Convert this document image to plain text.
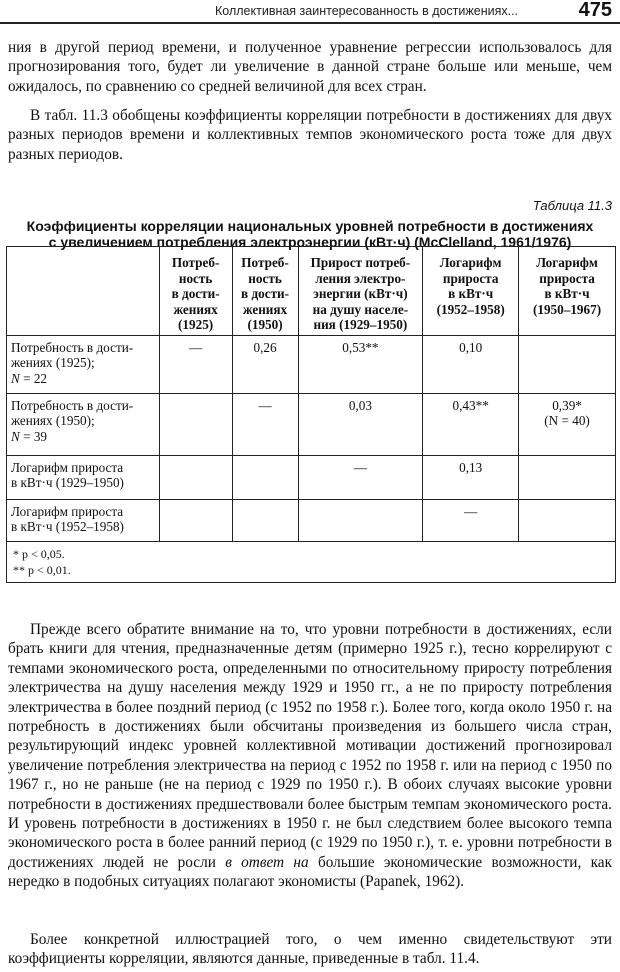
Коллективная заинтересованность в достижениях...	475

ния в другой период времени, и полученное уравнение регрессии использовалось для прогнозирования того, будет ли увеличение в данной стране больше или меньше, чем ожидалось, по сравнению со средней величиной для всех стран.

В табл. 11.3 обобщены коэффициенты корреляции потребности в достижениях для двух разных периодов времени и коллективных темпов экономического роста тоже для двух разных периодов.

Таблица 11.3
Коэффициенты корреляции национальных уровней потребности в достижениях
с увеличением потребления электроэнергии (кВт·ч) (McClelland, 1961/1976)
	Потреб-
ность
в дости-
жениях
(1925)	Потреб-
ность
в дости-
жениях
(1950)	Прирост потреб-
ления электро-
энергии (кВт·ч)
на душу населе-
ния (1929–1950)	Логарифм
прироста
в кВт·ч
(1952–1958)	Логарифм
прироста
в кВт·ч
(1950–1967)
Потребность в дости-
жениях (1925);
N = 22	—	0,26	0,53**	0,10	
Потребность в дости-
жениях (1950);
N = 39		—	0,03	0,43**	0,39*
(N = 40)
Логарифм прироста
в кВт·ч (1929–1950)			—	0,13	
Логарифм прироста
в кВт·ч (1952–1958)				—	

* p < 0,05.
** p < 0,01.					

Прежде всего обратите внимание на то, что уровни потребности в достижениях, если брать книги для чтения, предназначенные детям (примерно 1925 г.), тесно коррелируют с темпами экономического роста, определенными по относительному приросту потребления электричества на душу населения между 1929 и 1950 гг., а не по приросту потребления электричества в более поздний период (с 1952 по 1958 г.). Более того, когда около 1950 г. на потребность в достижениях были обсчитаны произведения из большего числа стран, результирующий индекс уровней коллективной мотивации достижений прогнозировал увеличение потребления электричества на период с 1952 по 1958 г. или на период с 1950 по 1967 г., но не раньше (не на период с 1929 по 1950 г.). В обоих случаях высокие уровни потребности в достижениях предшествовали более быстрым темпам экономического роста. И уровень потребности в достижениях в 1950 г. не был следствием более высокого темпа экономического роста в более ранний период (с 1929 по 1950 г.), т. е. уровни потребности в достижениях людей не росли в ответ на большие экономические возможности, как нередко в подобных ситуациях полагают экономисты (Papanek, 1962).

Более конкретной иллюстрацией того, о чем именно свидетельствуют эти коэффициенты корреляции, являются данные, приведенные в табл. 11.4.
